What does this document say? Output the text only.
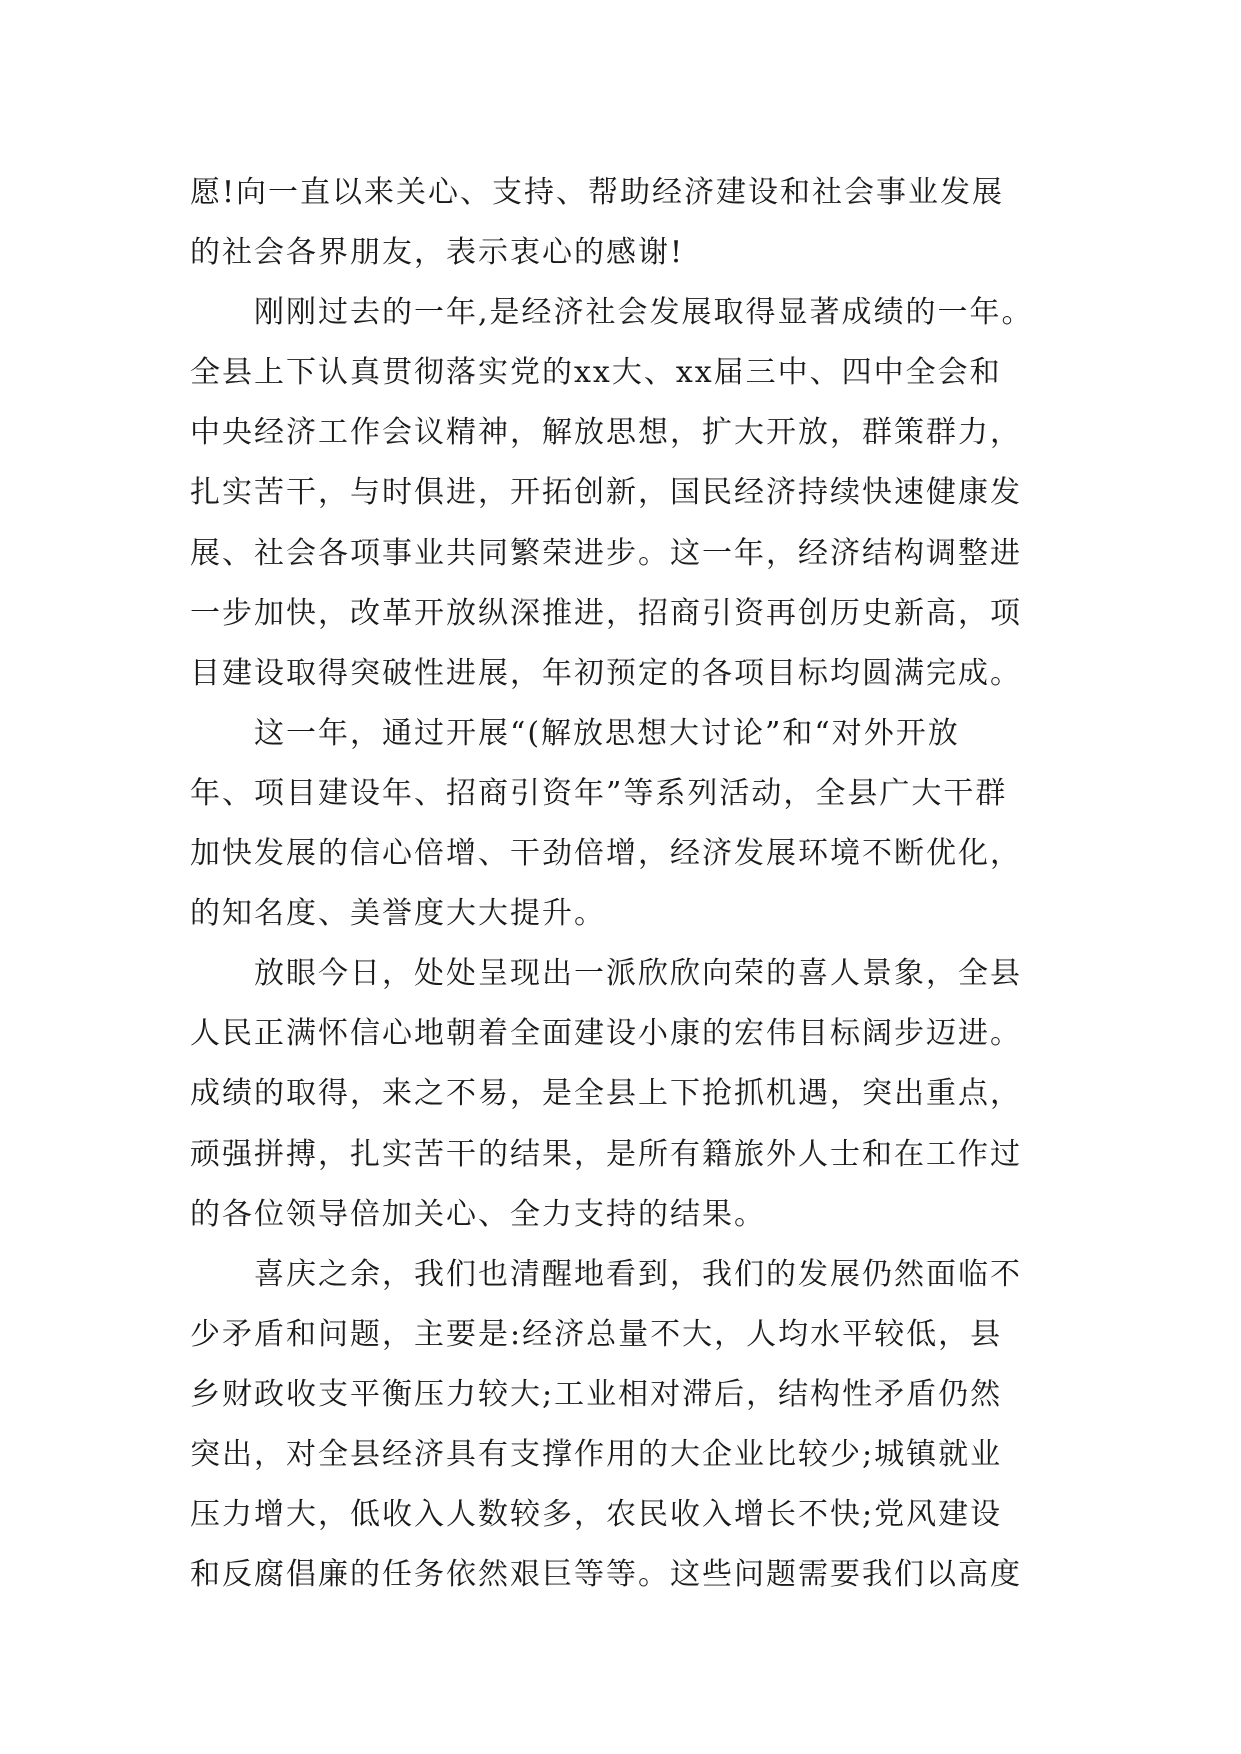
愿!向一直以来关心、支持、帮助经济建设和社会事业发展
的社会各界朋友，表示衷心的感谢!
刚刚过去的一年,是经济社会发展取得显著成绩的一年。
全县上下认真贯彻落实党的xx大、xx届三中、四中全会和
中央经济工作会议精神，解放思想，扩大开放，群策群力，
扎实苦干，与时俱进，开拓创新，国民经济持续快速健康发
展、社会各项事业共同繁荣进步。这一年，经济结构调整进
一步加快，改革开放纵深推进，招商引资再创历史新高，项
目建设取得突破性进展，年初预定的各项目标均圆满完成。
这一年，通过开展“(解放思想大讨论”和“对外开放
年、项目建设年、招商引资年”等系列活动，全县广大干群
加快发展的信心倍增、干劲倍增，经济发展环境不断优化，
的知名度、美誉度大大提升。
放眼今日，处处呈现出一派欣欣向荣的喜人景象，全县
人民正满怀信心地朝着全面建设小康的宏伟目标阔步迈进。
成绩的取得，来之不易，是全县上下抢抓机遇，突出重点，
顽强拼搏，扎实苦干的结果，是所有籍旅外人士和在工作过
的各位领导倍加关心、全力支持的结果。
喜庆之余，我们也清醒地看到，我们的发展仍然面临不
少矛盾和问题，主要是:经济总量不大，人均水平较低，县
乡财政收支平衡压力较大;工业相对滞后，结构性矛盾仍然
突出，对全县经济具有支撑作用的大企业比较少;城镇就业
压力增大，低收入人数较多，农民收入增长不快;党风建设
和反腐倡廉的任务依然艰巨等等。这些问题需要我们以高度
